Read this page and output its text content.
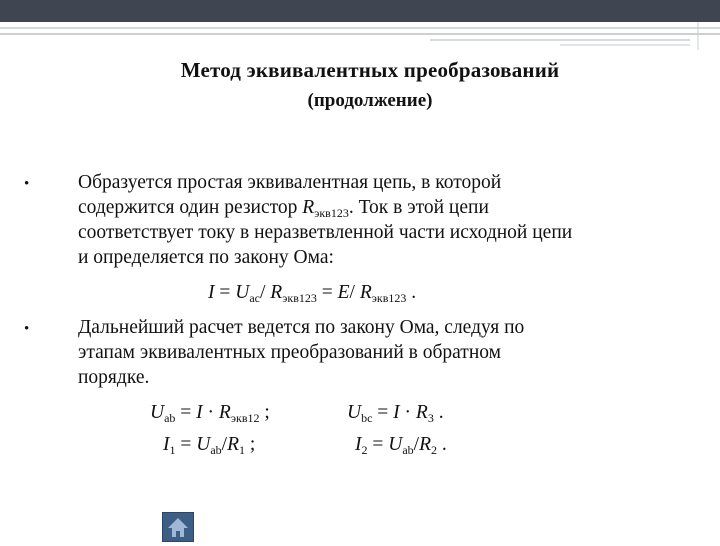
Метод эквивалентных преобразований
(продолжение)
• Образуется простая эквивалентная цепь, в которой
содержится один резистор $R_{экв123}$. Ток в этой цепи
соответствует току в неразветвленной части исходной цепи
и определяется по закону Ома:
$I = U_{ac}/$ $R_{экв123} = E/$ $R_{экв123}$ .
• Дальнейший расчет ведется по закону Ома, следуя по
этапам эквивалентных преобразований в обратном
порядке.
$U_{ab} = I \cdot R_{экв12}$ ;	$U_{bc} = I \cdot R_3$ .
$I_1 = U_{ab}/R_1$ ;	$I_2 = U_{ab}/R_2$ .
